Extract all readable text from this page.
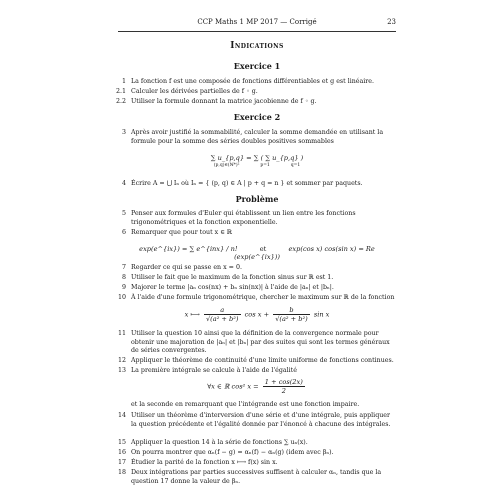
CCP Maths 1 MP 2017 — Corrigé	23
Indications
Exercice 1
1 La fonction f est une composée de fonctions différentiables et g est linéaire.
2.1 Calculer les dérivées partielles de f ◦ g.
2.2 Utiliser la formule donnant la matrice jacobienne de f ◦ g.
Exercice 2
3 Après avoir justifié la sommabilité, calculer la somme demandée en utilisant la formule pour la somme des séries doubles positives sommables
∑ u_{p,q} = ∑ ( ∑ u_{p,q} )
(p,q)∈(ℕ*)²	p=1	q=1
4 Écrire A = ⋃ Iₙ où Iₙ = { (p, q) ∈ A | p + q = n } et sommer par paquets.
Problème
5 Penser aux formules d'Euler qui établissent un lien entre les fonctions trigonométriques et la fonction exponentielle.
6 Remarquer que pour tout x ∈ ℝ
exp(e^{ix}) = ∑ e^{inx} / n!	et	exp(cos x) cos(sin x) = Re (exp(e^{ix}))
7 Regarder ce qui se passe en x = 0.
8 Utiliser le fait que le maximum de la fonction sinus sur ℝ est 1.
9 Majorer le terme |aₙ cos(nx) + bₙ sin(nx)| à l'aide de |aₙ| et |bₙ|.
10 À l'aide d'une formule trigonométrique, chercher le maximum sur ℝ de la fonction
x ⟼ $\frac{a}{\text{√(a² + b²)}}$ $\cos x + \frac{b}{\text{√(a² + b²)}}$ sin x
11 Utiliser la question 10 ainsi que la définition de la convergence normale pour obtenir une majoration de |aₙ| et |bₙ| par des suites qui sont les termes généraux de séries convergentes.
12 Appliquer le théorème de continuité d'une limite uniforme de fonctions continues.
13 La première intégrale se calcule à l'aide de l'égalité
∀x ∈ ℝ cos² $x = \frac{1 + \cos(2x)}{2}$
et la seconde en remarquant que l'intégrande est une fonction impaire.
14 Utiliser un théorème d'interversion d'une série et d'une intégrale, puis appliquer la question précédente et l'égalité donnée par l'énoncé à chacune des intégrales.
15 Appliquer la question 14 à la série de fonctions ∑ uₙ(x).
16 On pourra montrer que αₙ(f − g) = αₙ(f) − αₙ(g) (idem avec βₙ).
17 Étudier la parité de la fonction x ⟼ f(x) sin x.
18 Deux intégrations par parties successives suffisent à calculer αₙ, tandis que la question 17 donne la valeur de βₙ.
